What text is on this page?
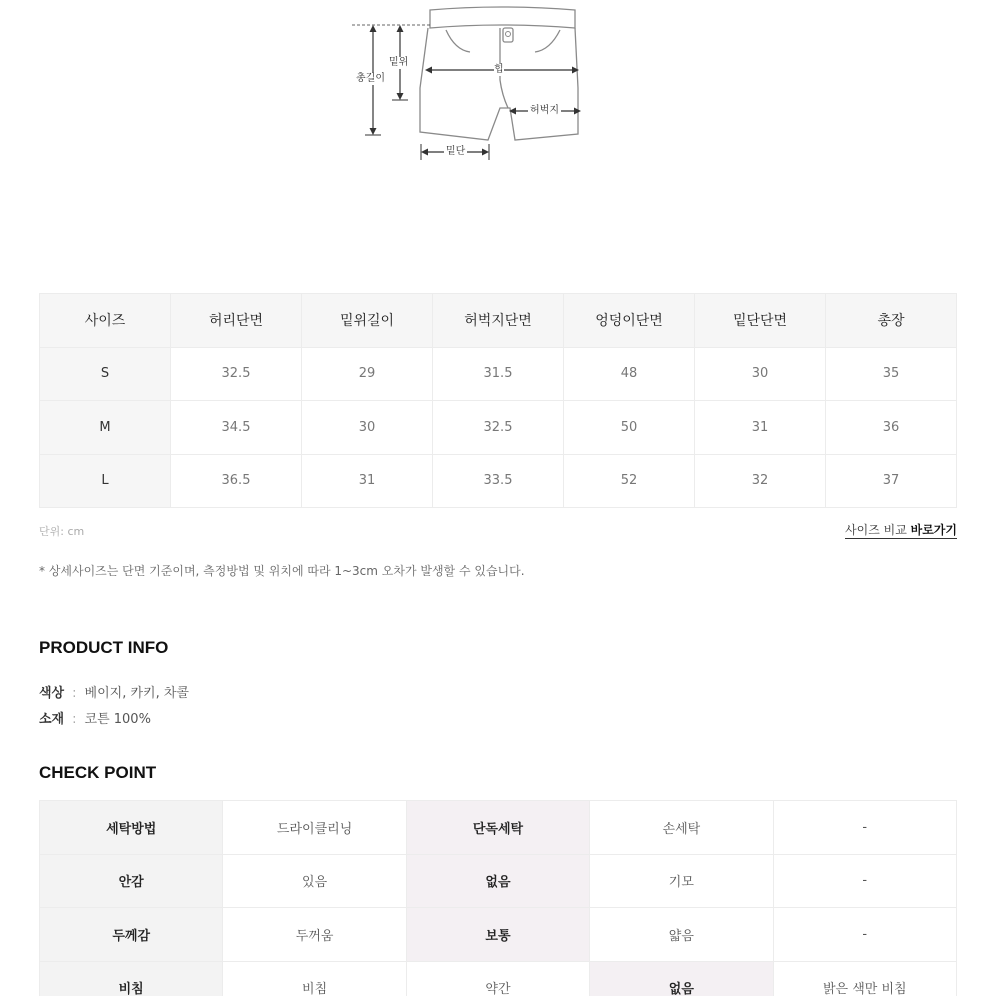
총길이
밑위
힙
허벅지
밑단
사이즈	허리단면	밑위길이	허벅지단면	엉덩이단면	밑단단면	총장
S	32.5	29	31.5	48	30	35
M	34.5	30	32.5	50	31	36
L	36.5	31	33.5	52	32	37
단위: cm	사이즈 비교 바로가기
* 상세사이즈는 단면 기준이며, 측정방법 및 위치에 따라 1~3cm 오차가 발생할 수 있습니다.
PRODUCT INFO
색상 : 베이지, 카키, 차콜
소재 : 코튼 100%
CHECK POINT
세탁방법	드라이클리닝	단독세탁	손세탁	-
안감	있음	없음	기모	-
두께감	두꺼움	보통	얇음	-
비침	비침	약간	없음	밝은 색만 비침
